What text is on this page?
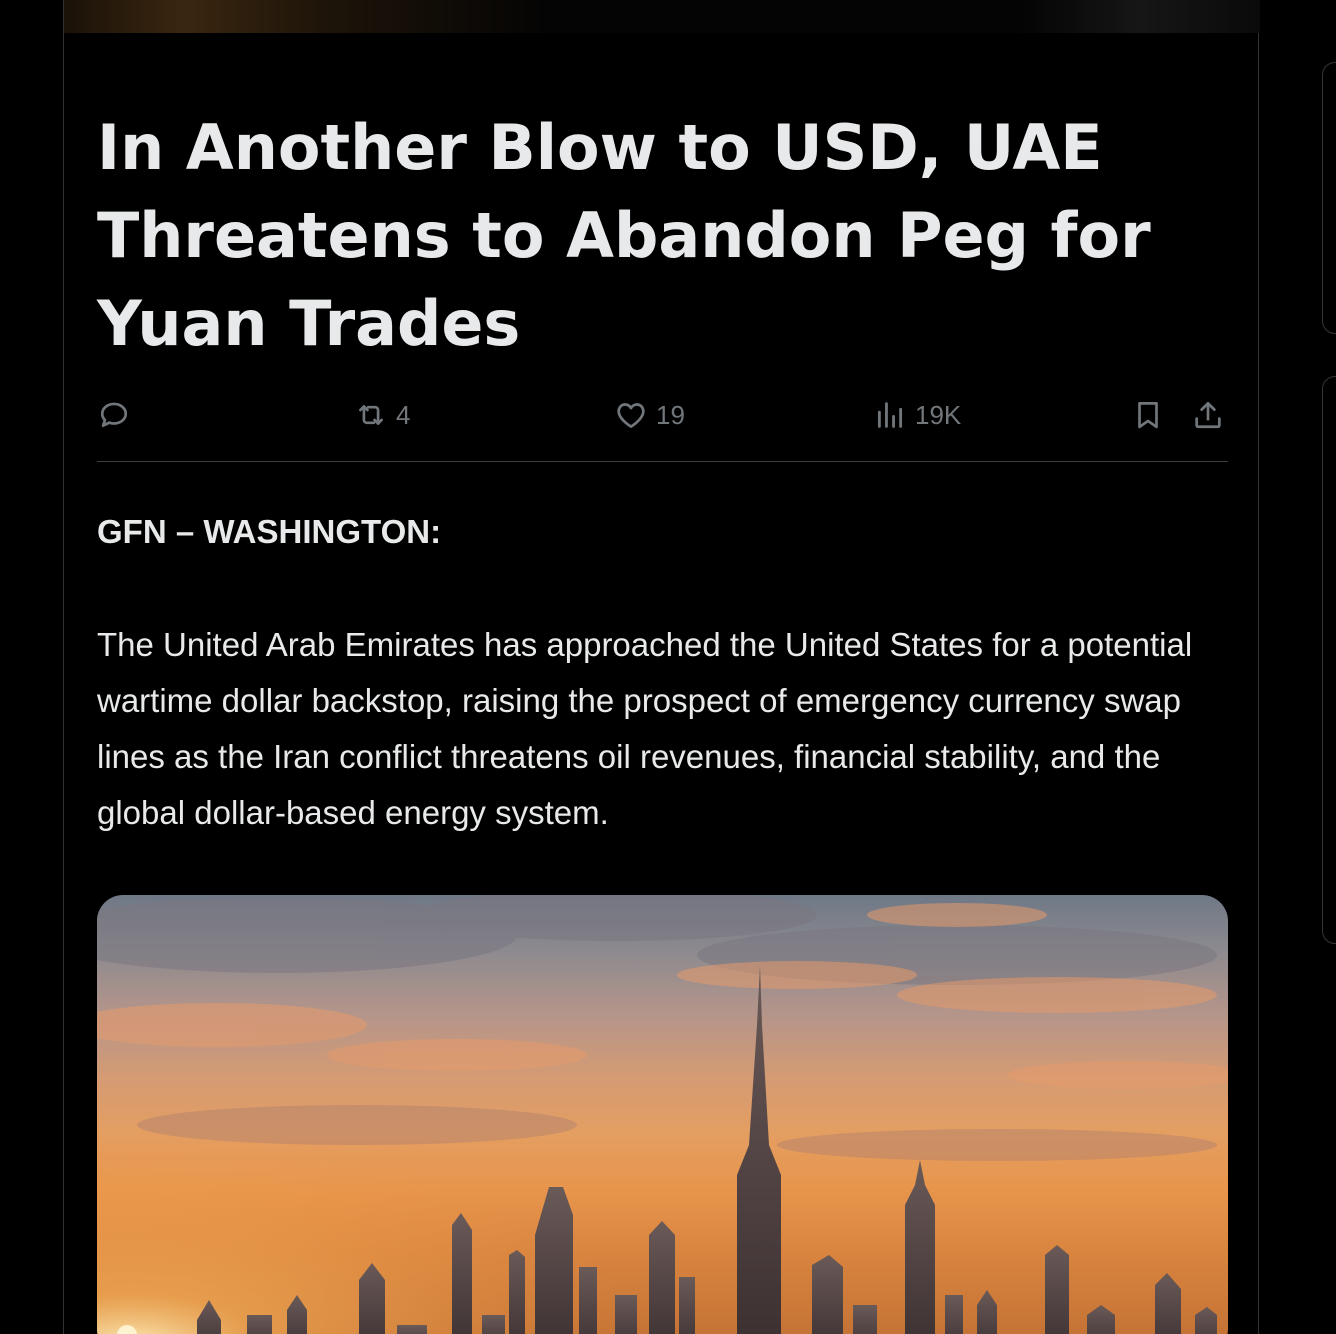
In Another Blow to USD, UAE Threatens to Abandon Peg for Yuan Trades
4	19	19K

GFN – WASHINGTON:

The United Arab Emirates has approached the United States for a potential wartime dollar backstop, raising the prospect of emergency currency swap lines as the Iran conflict threatens oil revenues, financial stability, and the global dollar-based energy system.
